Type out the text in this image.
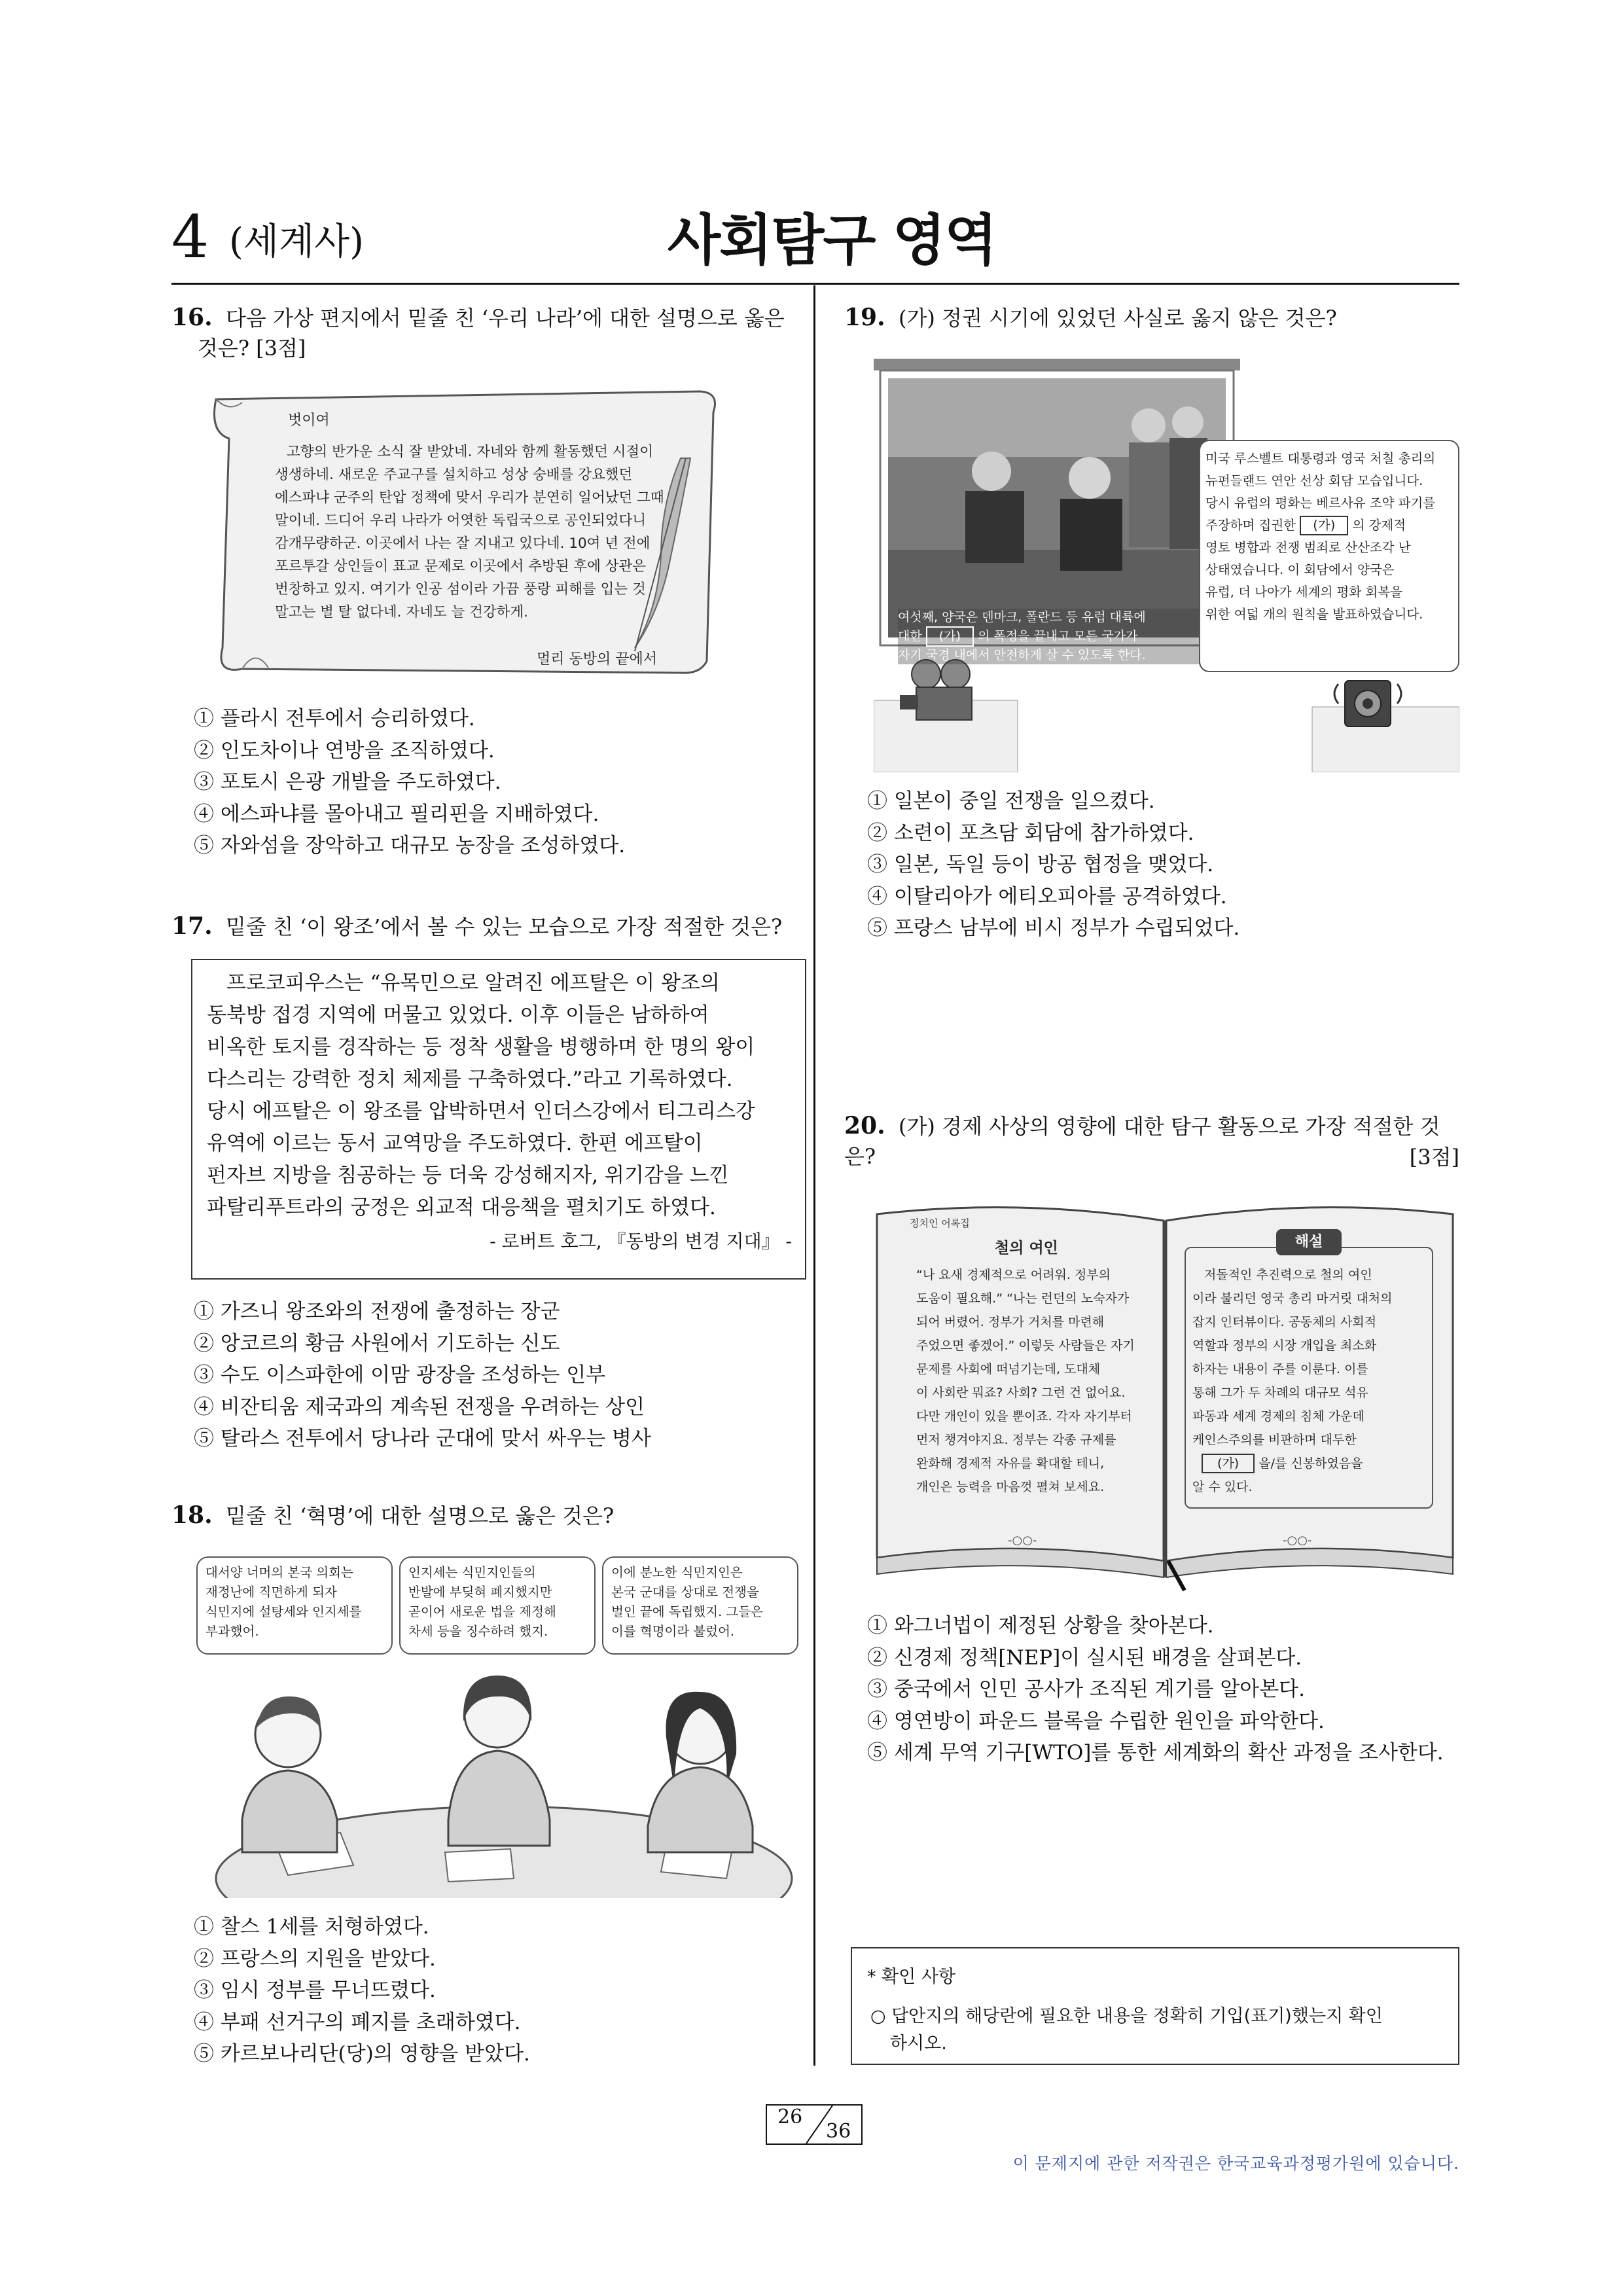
4 (세계사)	사회탐구 영역
16. 다음 가상 편지에서 밑줄 친 ‘우리 나라’에 대한 설명으로 옳은
것은? [3점]
벗이여
고향의 반가운 소식 잘 받았네. 자네와 함께 활동했던 시절이
생생하네. 새로운 주교구를 설치하고 성상 숭배를 강요했던
에스파냐 군주의 탄압 정책에 맞서 우리가 분연히 일어났던 그때
말이네. 드디어 우리 나라가 어엿한 독립국으로 공인되었다니
감개무량하군. 이곳에서 나는 잘 지내고 있다네. 10여 년 전에
포르투갈 상인들이 표교 문제로 이곳에서 추방된 후에 상관은
번창하고 있지. 여기가 인공 섬이라 가끔 풍랑 피해를 입는 것
말고는 별 탈 없다네. 자네도 늘 건강하게.
멀리 동방의 끝에서
① 플라시 전투에서 승리하였다.
② 인도차이나 연방을 조직하였다.
③ 포토시 은광 개발을 주도하였다.
④ 에스파냐를 몰아내고 필리핀을 지배하였다.
⑤ 자와섬을 장악하고 대규모 농장을 조성하였다.
17. 밑줄 친 ‘이 왕조’에서 볼 수 있는 모습으로 가장 적절한 것은?
프로코피우스는 “유목민으로 알려진 에프탈은 이 왕조의
동북방 접경 지역에 머물고 있었다. 이후 이들은 남하하여
비옥한 토지를 경작하는 등 정착 생활을 병행하며 한 명의 왕이
다스리는 강력한 정치 체제를 구축하였다.”라고 기록하였다.
당시 에프탈은 이 왕조를 압박하면서 인더스강에서 티그리스강
유역에 이르는 동서 교역망을 주도하였다. 한편 에프탈이
펀자브 지방을 침공하는 등 더욱 강성해지자, 위기감을 느낀
파탈리푸트라의 궁정은 외교적 대응책을 펼치기도 하였다.
- 로버트 호그, 『동방의 변경 지대』 -
① 가즈니 왕조와의 전쟁에 출정하는 장군
② 앙코르의 황금 사원에서 기도하는 신도
③ 수도 이스파한에 이맘 광장을 조성하는 인부
④ 비잔티움 제국과의 계속된 전쟁을 우려하는 상인
⑤ 탈라스 전투에서 당나라 군대에 맞서 싸우는 병사
18. 밑줄 친 ‘혁명’에 대한 설명으로 옳은 것은?
대서양 너머의 본국 의회는
재정난에 직면하게 되자
식민지에 설탕세와 인지세를
부과했어.
인지세는 식민지인들의
반발에 부딪혀 폐지했지만
곧이어 새로운 법을 제정해
차세 등을 징수하려 했지.
이에 분노한 식민지인은
본국 군대를 상대로 전쟁을
벌인 끝에 독립했지. 그들은
이를 혁명이라 불렀어.
① 찰스 1세를 처형하였다.
② 프랑스의 지원을 받았다.
③ 임시 정부를 무너뜨렸다.
④ 부패 선거구의 폐지를 초래하였다.
⑤ 카르보나리단(당)의 영향을 받았다.
19. (가) 정권 시기에 있었던 사실로 옳지 않은 것은?
여섯째, 양국은 덴마크, 폴란드 등 유럽 대륙에
대한 (가) 의 폭정을 끝내고 모든 국가가
자기 국경 내에서 안전하게 살 수 있도록 한다.
미국 루스벨트 대통령과 영국 처칠 총리의
뉴펀들랜드 연안 선상 회담 모습입니다.
당시 유럽의 평화는 베르사유 조약 파기를
주장하며 집권한 (가) 의 강제적
영토 병합과 전쟁 범죄로 산산조각 난
상태였습니다. 이 회담에서 양국은
유럽, 더 나아가 세계의 평화 회복을
위한 여덟 개의 원칙을 발표하였습니다.
① 일본이 중일 전쟁을 일으켰다.
② 소련이 포츠담 회담에 참가하였다.
③ 일본, 독일 등이 방공 협정을 맺었다.
④ 이탈리아가 에티오피아를 공격하였다.
⑤ 프랑스 남부에 비시 정부가 수립되었다.
20. (가) 경제 사상의 영향에 대한 탐구 활동으로 가장 적절한 것은?	[3점]
정치인 어록집
철의 여인
“나 요새 경제적으로 어려워. 정부의
도움이 필요해.” “나는 런던의 노숙자가
되어 버렸어. 정부가 거처를 마련해
주었으면 좋겠어.” 이렇듯 사람들은 자기
문제를 사회에 떠넘기는데, 도대체
이 사회란 뭐죠? 사회? 그런 건 없어요.
다만 개인이 있을 뿐이죠. 각자 자기부터
먼저 챙겨야지요. 정부는 각종 규제를
완화해 경제적 자유를 확대할 테니,
개인은 능력을 마음껏 펼쳐 보세요.
해설
저돌적인 추진력으로 철의 여인
이라 불리던 영국 총리 마거릿 대처의
잡지 인터뷰이다. 공동체의 사회적
역할과 정부의 시장 개입을 최소화
하자는 내용이 주를 이룬다. 이를
통해 그가 두 차례의 대규모 석유
파동과 세계 경제의 침체 가운데
케인스주의를 비판하며 대두한
(가) 을/를 신봉하였음을
알 수 있다.
-○○-	-○○-
① 와그너법이 제정된 상황을 찾아본다.
② 신경제 정책[NEP]이 실시된 배경을 살펴본다.
③ 중국에서 인민 공사가 조직된 계기를 알아본다.
④ 영연방이 파운드 블록을 수립한 원인을 파악한다.
⑤ 세계 무역 기구[WTO]를 통한 세계화의 확산 과정을 조사한다.
* 확인 사항
○ 답안지의 해당란에 필요한 내용을 정확히 기입(표기)했는지 확인
하시오.
26
36
이 문제지에 관한 저작권은 한국교육과정평가원에 있습니다.
